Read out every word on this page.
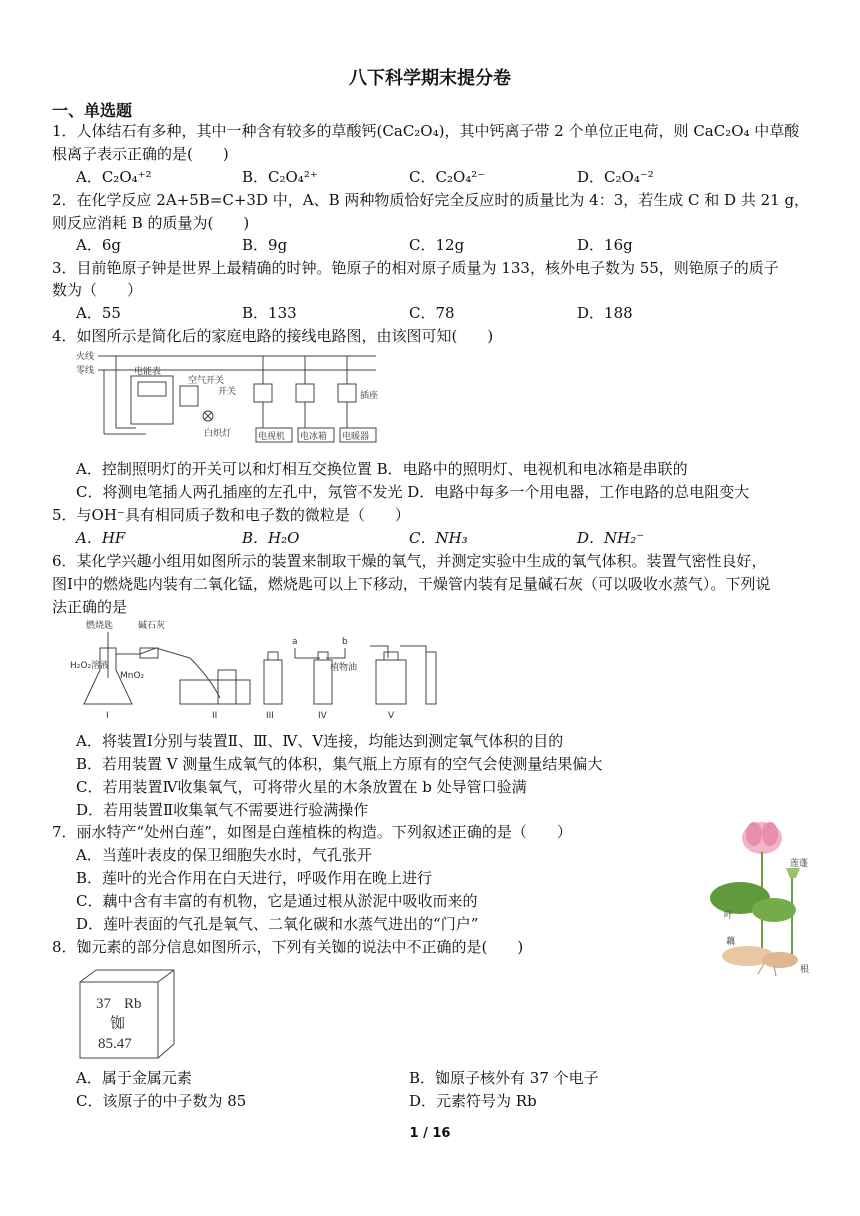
八下科学期末提分卷
一、单选题
1．人体结石有多种，其中一种含有较多的草酸钙(CaC₂O₄)，其中钙离子带 2 个单位正电荷，则 CaC₂O₄ 中草酸
根离子表示正确的是(　　)
A．C₂O₄⁺²	B．C₂O₄²⁺	C．C₂O₄²⁻	D．C₂O₄⁻²
2．在化学反应 2A+5B=C+3D 中，A、B 两种物质恰好完全反应时的质量比为 4：3，若生成 C 和 D 共 21 g，
则反应消耗 B 的质量为(　　)
A．6g	B．9g	C．12g	D．16g
3．目前铯原子钟是世界上最精确的时钟。铯原子的相对原子质量为 133，核外电子数为 55，则铯原子的质子
数为（　　）
A．55	B．133	C．78	D．188
4．如图所示是简化后的家庭电路的接线电路图，由该图可知(　　)
火线
零线	电能表
空气开关
开关
白炽灯
插座
电视机 电冰箱 电暖器
A．控制照明灯的开关可以和灯相互交换位置 B．电路中的照明灯、电视机和电冰箱是串联的
C．将测电笔插人两孔插座的左孔中，氖管不发光 D．电路中每多一个用电器，工作电路的总电阻变大
5．与OH⁻具有相同质子数和电子数的微粒是（　　）
A．HF	B．H₂O	C．NH₃	D．NH₂⁻
6．某化学兴趣小组用如图所示的装置来制取干燥的氧气，并测定实验中生成的氧气体积。装置气密性良好，
图Ⅰ中的燃烧匙内装有二氧化锰，燃烧匙可以上下移动，干燥管内装有足量碱石灰（可以吸收水蒸气）。下列说
法正确的是
燃烧匙	碱石灰
H₂O₂溶液
MnO₂
植物油
a	b
I	II	III	IV	V
A．将装置Ⅰ分别与装置Ⅱ、Ⅲ、Ⅳ、Ⅴ连接，均能达到测定氧气体积的目的
B．若用装置 V 测量生成氧气的体积，集气瓶上方原有的空气会使测量结果偏大
C．若用装置Ⅳ收集氧气，可将带火星的木条放置在 b 处导管口验满
D．若用装置Ⅱ收集氧气不需要进行验满操作
7．丽水特产“处州白莲”，如图是白莲植株的构造。下列叙述正确的是（　　）
A．当莲叶表皮的保卫细胞失水时，气孔张开
B．莲叶的光合作用在白天进行，呼吸作用在晚上进行
C．藕中含有丰富的有机物，它是通过根从淤泥中吸收而来的
D．莲叶表面的气孔是氧气、二氧化碳和水蒸气进出的“门户”
莲蓬
叶
藕
根
8．铷元素的部分信息如图所示，下列有关铷的说法中不正确的是(　　)
37 Rb
铷
85.47
A．属于金属元素	B．铷原子核外有 37 个电子
C．该原子的中子数为 85	D．元素符号为 Rb
1 / 16
